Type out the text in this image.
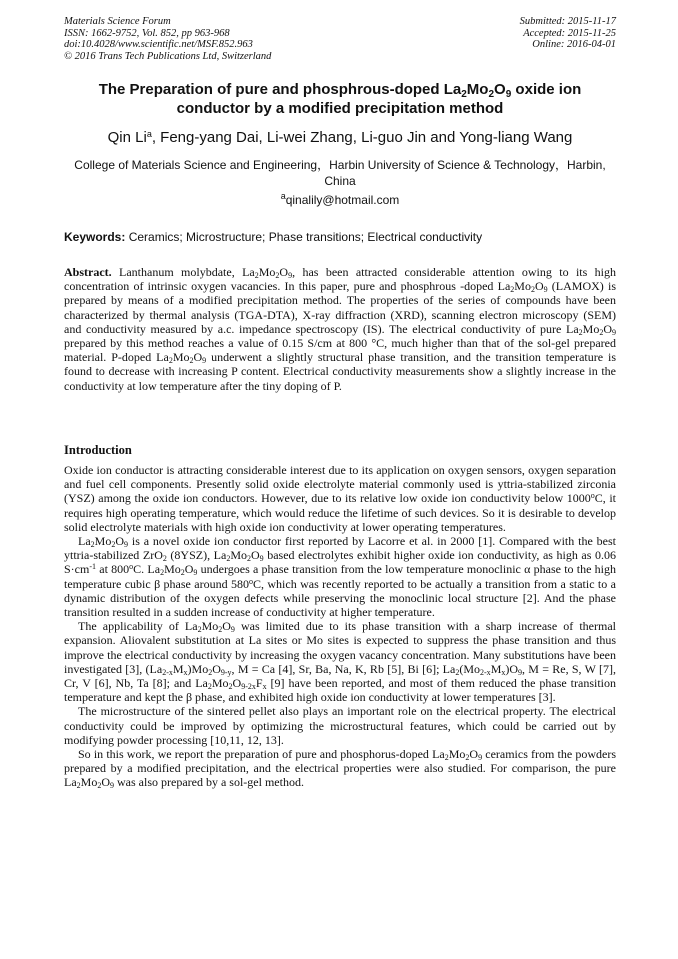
Materials Science Forum
ISSN: 1662-9752, Vol. 852, pp 963-968
doi:10.4028/www.scientific.net/MSF.852.963
© 2016 Trans Tech Publications Ltd, Switzerland
Submitted: 2015-11-17
Accepted: 2015-11-25
Online: 2016-04-01
The Preparation of pure and phosphrous-doped $La_2Mo_2O_9$ oxide ion conductor by a modified precipitation method
Qin Li$^a$, Feng-yang Dai, Li-wei Zhang, Li-guo Jin and Yong-liang Wang
College of Materials Science and Engineering，Harbin University of Science & Technology，Harbin, China
$^a$qinalily@hotmail.com
Keywords: Ceramics; Microstructure; Phase transitions; Electrical conductivity
Abstract. Lanthanum molybdate, $La_2Mo_2O_9$, has been attracted considerable attention owing to its high concentration of intrinsic oxygen vacancies. In this paper, pure and phosphrous -doped $La_2Mo_2O_9$ (LAMOX) is prepared by means of a modified precipitation method. The properties of the series of compounds have been characterized by thermal analysis (TGA-DTA), X-ray diffraction (XRD), scanning electron microscopy (SEM) and conductivity measured by a.c. impedance spectroscopy (IS). The electrical conductivity of pure $La_2Mo_2O_9$ prepared by this method reaches a value of 0.15 S/cm at 800 °C, much higher than that of the sol-gel prepared material. P-doped $La_2Mo_2O_9$ underwent a slightly structural phase transition, and the transition temperature is found to decrease with increasing P content. Electrical conductivity measurements show a slightly increase in the conductivity at low temperature after the tiny doping of P.
Introduction

Oxide ion conductor is attracting considerable interest due to its application on oxygen sensors, oxygen separation and fuel cell components. Presently solid oxide electrolyte material commonly used is yttria-stabilized zirconia (YSZ) among the oxide ion conductors. However, due to its relative low oxide ion conductivity below 1000$^o$C, it requires high operating temperature, which would reduce the lifetime of such devices. So it is desirable to develop solid electrolyte materials with high oxide ion conductivity at lower operating temperatures.

$La_2Mo_2O_9$ is a novel oxide ion conductor first reported by Lacorre et al. in 2000 [1]. Compared with the best yttria-stabilized ZrO$_2$ (8YSZ), $La_2Mo_2O_9$ based electrolytes exhibit higher oxide ion conductivity, as high as 0.06 $S\cdot cm^{-1}$ at 800$^o$C. $La_2Mo_2O_9$ undergoes a phase transition from the low temperature monoclinic α phase to the high temperature cubic β phase around 580$^o$C, which was recently reported to be actually a transition from a static to a dynamic distribution of the oxygen defects while preserving the monoclinic local structure [2]. And the phase transition resulted in a sudden increase of conductivity at higher temperature.

The applicability of $La_2Mo_2O_9$ was limited due to its phase transition with a sharp increase of thermal expansion. Aliovalent substitution at La sites or Mo sites is expected to suppress the phase transition and thus improve the electrical conductivity by increasing the oxygen vacancy concentration. Many substitutions have been investigated [3], $(La_{2-x}M_x)Mo_2O_{9-y}$, M = Ca [4], Sr, Ba, Na, K, Rb [5], Bi [6]; $La_2(Mo_{2-x}M_x)O_9$, M = Re, S, W [7], Cr, V [6], Nb, Ta [8]; and $La_2Mo_2O_{9-2x}F_x$ [9] have been reported, and most of them reduced the phase transition temperature and kept the β phase, and exhibited high oxide ion conductivity at lower temperatures [3].

The microstructure of the sintered pellet also plays an important role on the electrical property. The electrical conductivity could be improved by optimizing the microstructural features, which could be carried out by modifying powder processing [10,11, 12, 13].

So in this work, we report the preparation of pure and phosphorus-doped $La_2Mo_2O_9$ ceramics from the powders prepared by a modified precipitation, and the electrical properties were also studied. For comparison, the pure $La_2Mo_2O_9$ was also prepared by a sol-gel method.
